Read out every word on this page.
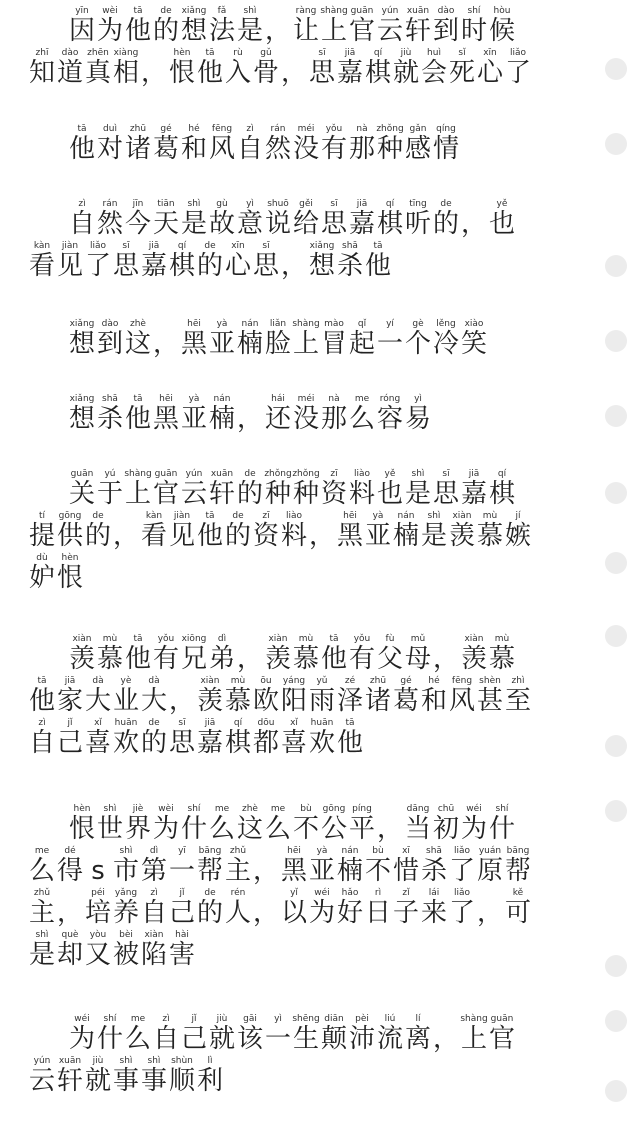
因yīn
为wèi
他tā
的de
想xiǎng
法fǎ
是shì
， 让ràng
上shàng
官guān
云yún
轩xuān
到dào
时shí
候hòu
知zhī
道dào
真zhēn
相xiàng
， 恨hèn
他tā
入rù
骨gǔ
， 思sī
嘉jiā
棋qí
就jiù
会huì
死sǐ
心xīn
了liǎo
他tā
对duì
诸zhū
葛gé
和hé
风fēng
自zì
然rán
没méi
有yǒu
那nà
种zhǒng
感gǎn
情qíng
自zì
然rán
今jīn
天tiān
是shì
故gù
意yì
说shuō
给gěi
思sī
嘉jiā
棋qí
听tīng
的de
， 也yě
看kàn
见jiàn
了liǎo
思sī
嘉jiā
棋qí
的de
心xīn
思sī
， 想xiǎng
杀shā
他tā
想xiǎng
到dào
这zhè
， 黑hēi
亚yà
楠nán
脸liǎn
上shàng
冒mào
起qǐ
一yí
个gè
冷lěng
笑xiào
想xiǎng
杀shā
他tā
黑hēi
亚yà
楠nán
， 还hái
没méi
那nà
么me
容róng
易yì
关guān
于yú
上shàng
官guān
云yún
轩xuān
的de
种zhǒng
种zhǒng
资zī
料liào
也yě
是shì
思sī
嘉jiā
棋qí
提tí
供gōng
的de
， 看kàn
见jiàn
他tā
的de
资zī
料liào
， 黑hēi
亚yà
楠nán
是shì
羡xiàn
慕mù
嫉jí
妒dù
恨hèn
羡xiàn
慕mù
他tā
有yǒu
兄xiōng
弟dì
， 羡xiàn
慕mù
他tā
有yǒu
父fù
母mǔ
， 羡xiàn
慕mù
他tā
家jiā
大dà
业yè
大dà
， 羡xiàn
慕mù
欧ōu
阳yáng
雨yǔ
泽zé
诸zhū
葛gé
和hé
风fēng
甚shèn
至zhì
自zì
己jǐ
喜xǐ
欢huān
的de
思sī
嘉jiā
棋qí
都dōu
喜xǐ
欢huān
他tā
恨hèn
世shì
界jiè
为wèi
什shí
么me
这zhè
么me
不bù
公gōng
平píng
， 当dāng
初chū
为wéi
什shí
么me
得dé
s 市shì
第dì
一yī
帮bāng
主zhǔ
， 黑hēi
亚yà
楠nán
不bù
惜xī
杀shā
了liǎo
原yuán
帮bāng
主zhǔ
， 培péi
养yǎng
自zì
己jǐ
的de
人rén
， 以yǐ
为wéi
好hǎo
日rì
子zǐ
来lái
了liǎo
， 可kě
是shì
却què
又yòu
被bèi
陷xiàn
害hài
为wéi
什shí
么me
自zì
己jǐ
就jiù
该gāi
一yì
生shēng
颠diān
沛pèi
流liú
离lí
， 上shàng
官guān
云yún
轩xuān
就jiù
事shì
事shì
顺shùn
利lì
